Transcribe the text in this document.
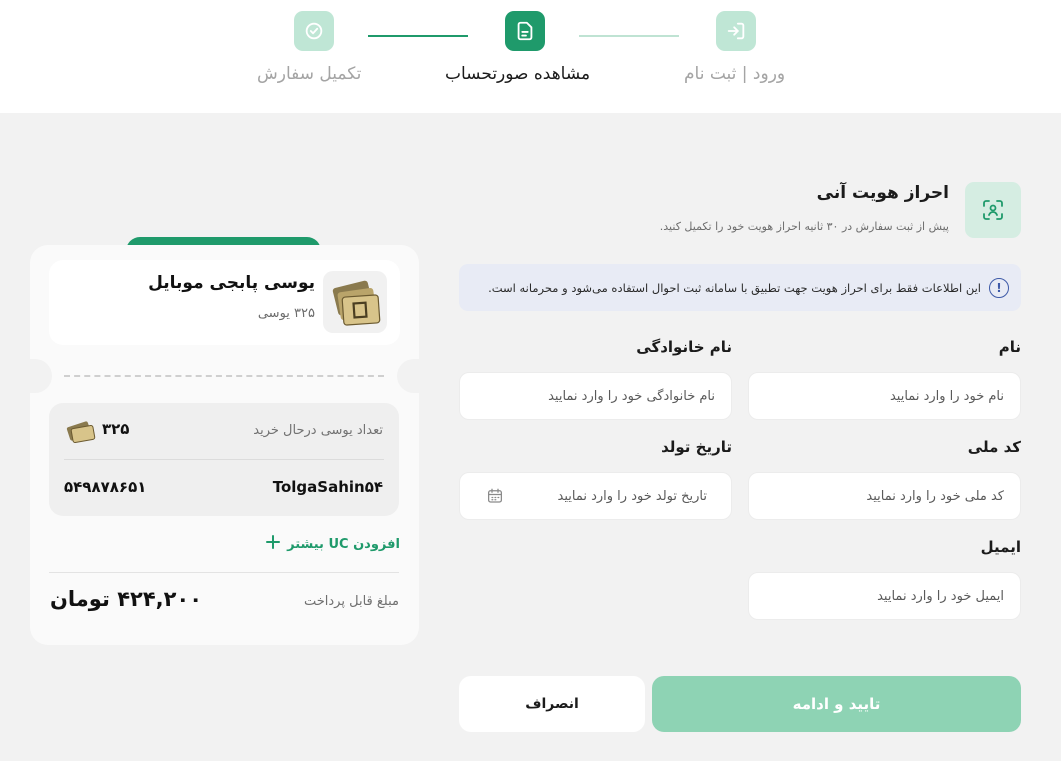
ورود | ثبت نام
مشاهده صورتحساب
تکمیل سفارش
احراز هویت آنی
پیش از ثبت سفارش در ۳۰ ثانیه احراز هویت خود را تکمیل کنید.
این اطلاعات فقط برای احراز هویت جهت تطبیق با سامانه ثبت احوال استفاده می‌شود و محرمانه است.	!
نام
نام خانوادگی
نام خود را وارد نمایید
نام خانوادگی خود را وارد نمایید
کد ملی
تاریخ تولد
کد ملی خود را وارد نمایید
تاریخ تولد خود را وارد نمایید
ایمیل
ایمیل خود را وارد نمایید
تایید و ادامه
انصراف
یوسی پابجی موبایل
۳۲۵ یوسی
تعداد یوسی درحال خرید
۳۲۵
TolgaSahin۵۴
۵۴۹۸۷۸۶۵۱
افزودن UC بیشتر
مبلغ قابل پرداخت
۴۲۴,۲۰۰ تومان
